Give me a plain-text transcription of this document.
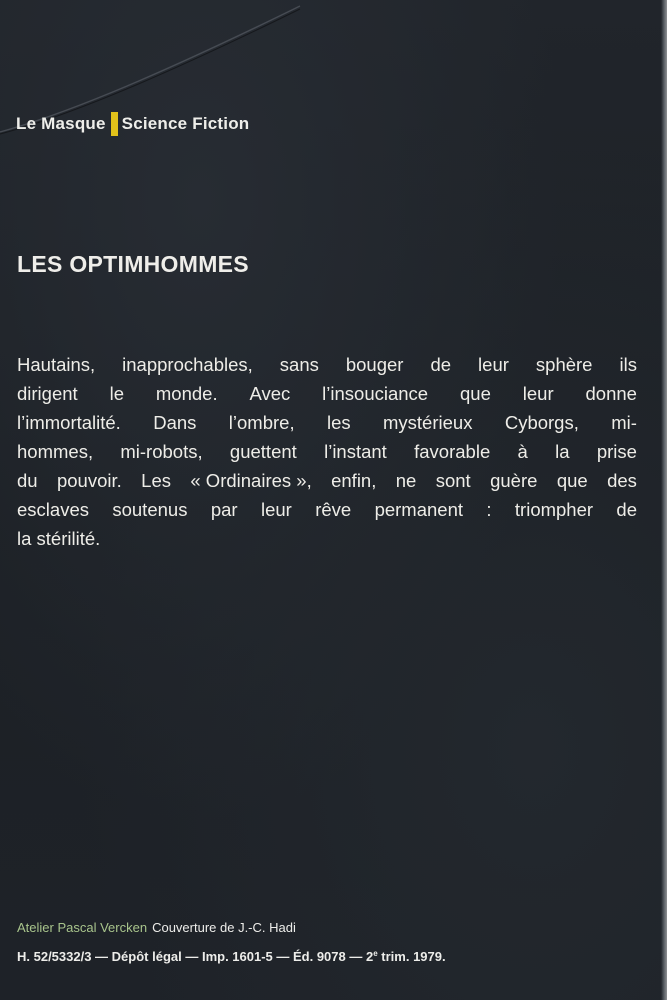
Le Masque Science Fiction
LES OPTIMHOMMES
Hautains, inapprochables, sans bouger de leur sphère ils
dirigent le monde. Avec l’insouciance que leur donne
l’immortalité. Dans l’ombre, les mystérieux Cyborgs, mi-
hommes, mi-robots, guettent l’instant favorable à la prise
du pouvoir. Les « Ordinaires », enfin, ne sont guère que des
esclaves soutenus par leur rêve permanent : triompher de
la stérilité.
Atelier Pascal Vercken Couverture de J.-C. Hadi
H. 52/5332/3 — Dépôt légal — Imp. 1601-5 — Éd. 9078 — 2e trim. 1979.
